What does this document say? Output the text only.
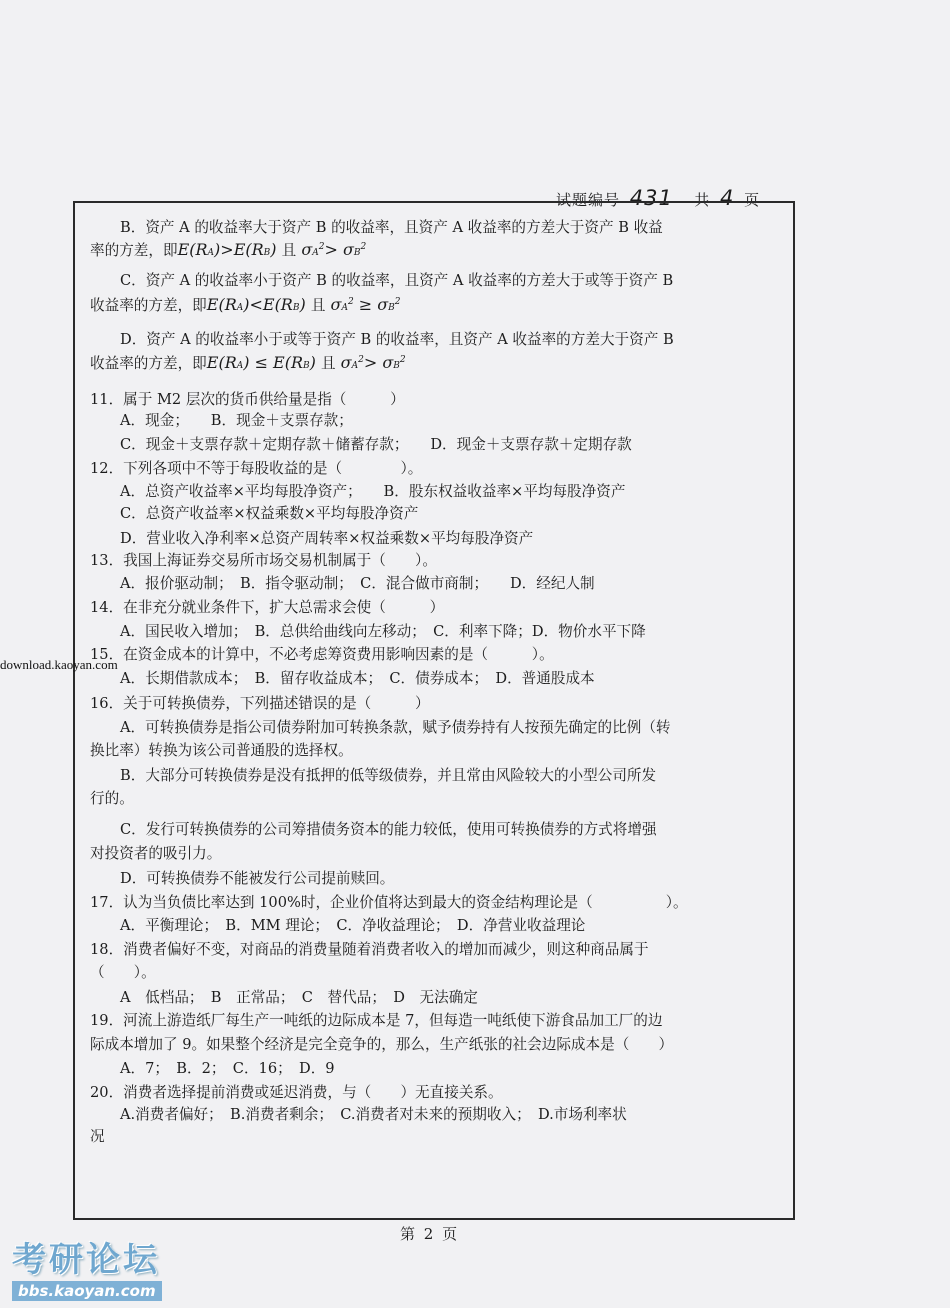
试题编号 431 共 4 页
B．资产 A 的收益率大于资产 B 的收益率，且资产 A 收益率的方差大于资产 B 收益
率的方差，即E(RA)>E(RB) 且 $\sigma A^2> \sigma B^2$
C．资产 A 的收益率小于资产 B 的收益率，且资产 A 收益率的方差大于或等于资产 B
收益率的方差，即E(RA)<E(RB) 且 $\sigma A^2 \ge \sigma B^2$
D．资产 A 的收益率小于或等于资产 B 的收益率，且资产 A 收益率的方差大于资产 B
收益率的方差，即E(RA) ≤ E(RB) 且 $\sigma A^2> \sigma B^2$
11．属于 M2 层次的货币供给量是指（　　　）
A．现金；　　B．现金＋支票存款；
C．现金＋支票存款＋定期存款＋储蓄存款；　　D．现金＋支票存款＋定期存款
12．下列各项中不等于每股收益的是（　　　　）。
A．总资产收益率×平均每股净资产；　　B．股东权益收益率×平均每股净资产
C．总资产收益率×权益乘数×平均每股净资产
D．营业收入净利率×总资产周转率×权益乘数×平均每股净资产
13．我国上海证券交易所市场交易机制属于（　　）。
A．报价驱动制；　B．指令驱动制；　C．混合做市商制；　　D．经纪人制
14．在非充分就业条件下，扩大总需求会使（　　　）
A．国民收入增加；　B．总供给曲线向左移动；　C．利率下降；D．物价水平下降
15．在资金成本的计算中，不必考虑筹资费用影响因素的是（　　　）。
A．长期借款成本；　B．留存收益成本；　C．债券成本；　D．普通股成本
16．关于可转换债券，下列描述错误的是（　　　）
A．可转换债券是指公司债券附加可转换条款，赋予债券持有人按预先确定的比例（转
换比率）转换为该公司普通股的选择权。
B．大部分可转换债券是没有抵押的低等级债券，并且常由风险较大的小型公司所发
行的。
C．发行可转换债券的公司筹措债务资本的能力较低，使用可转换债券的方式将增强
对投资者的吸引力。
D．可转换债券不能被发行公司提前赎回。
17．认为当负债比率达到 100%时，企业价值将达到最大的资金结构理论是（　　　　　）。
A．平衡理论；　B．MM 理论；　C．净收益理论；　D．净营业收益理论
18．消费者偏好不变，对商品的消费量随着消费者收入的增加而减少，则这种商品属于
（　　）。
A　低档品；　B　正常品；　C　替代品；　D　无法确定
19．河流上游造纸厂每生产一吨纸的边际成本是 7，但每造一吨纸使下游食品加工厂的边
际成本增加了 9。如果整个经济是完全竞争的，那么，生产纸张的社会边际成本是（　　）
A．7；　B．2；　C．16；　D．9
20．消费者选择提前消费或延迟消费，与（　　）无直接关系。
A.消费者偏好；　B.消费者剩余；　C.消费者对未来的预期收入；　D.市场利率状
况
download.kaoyan.com
第 2 页
考研论坛
bbs.kaoyan.com
